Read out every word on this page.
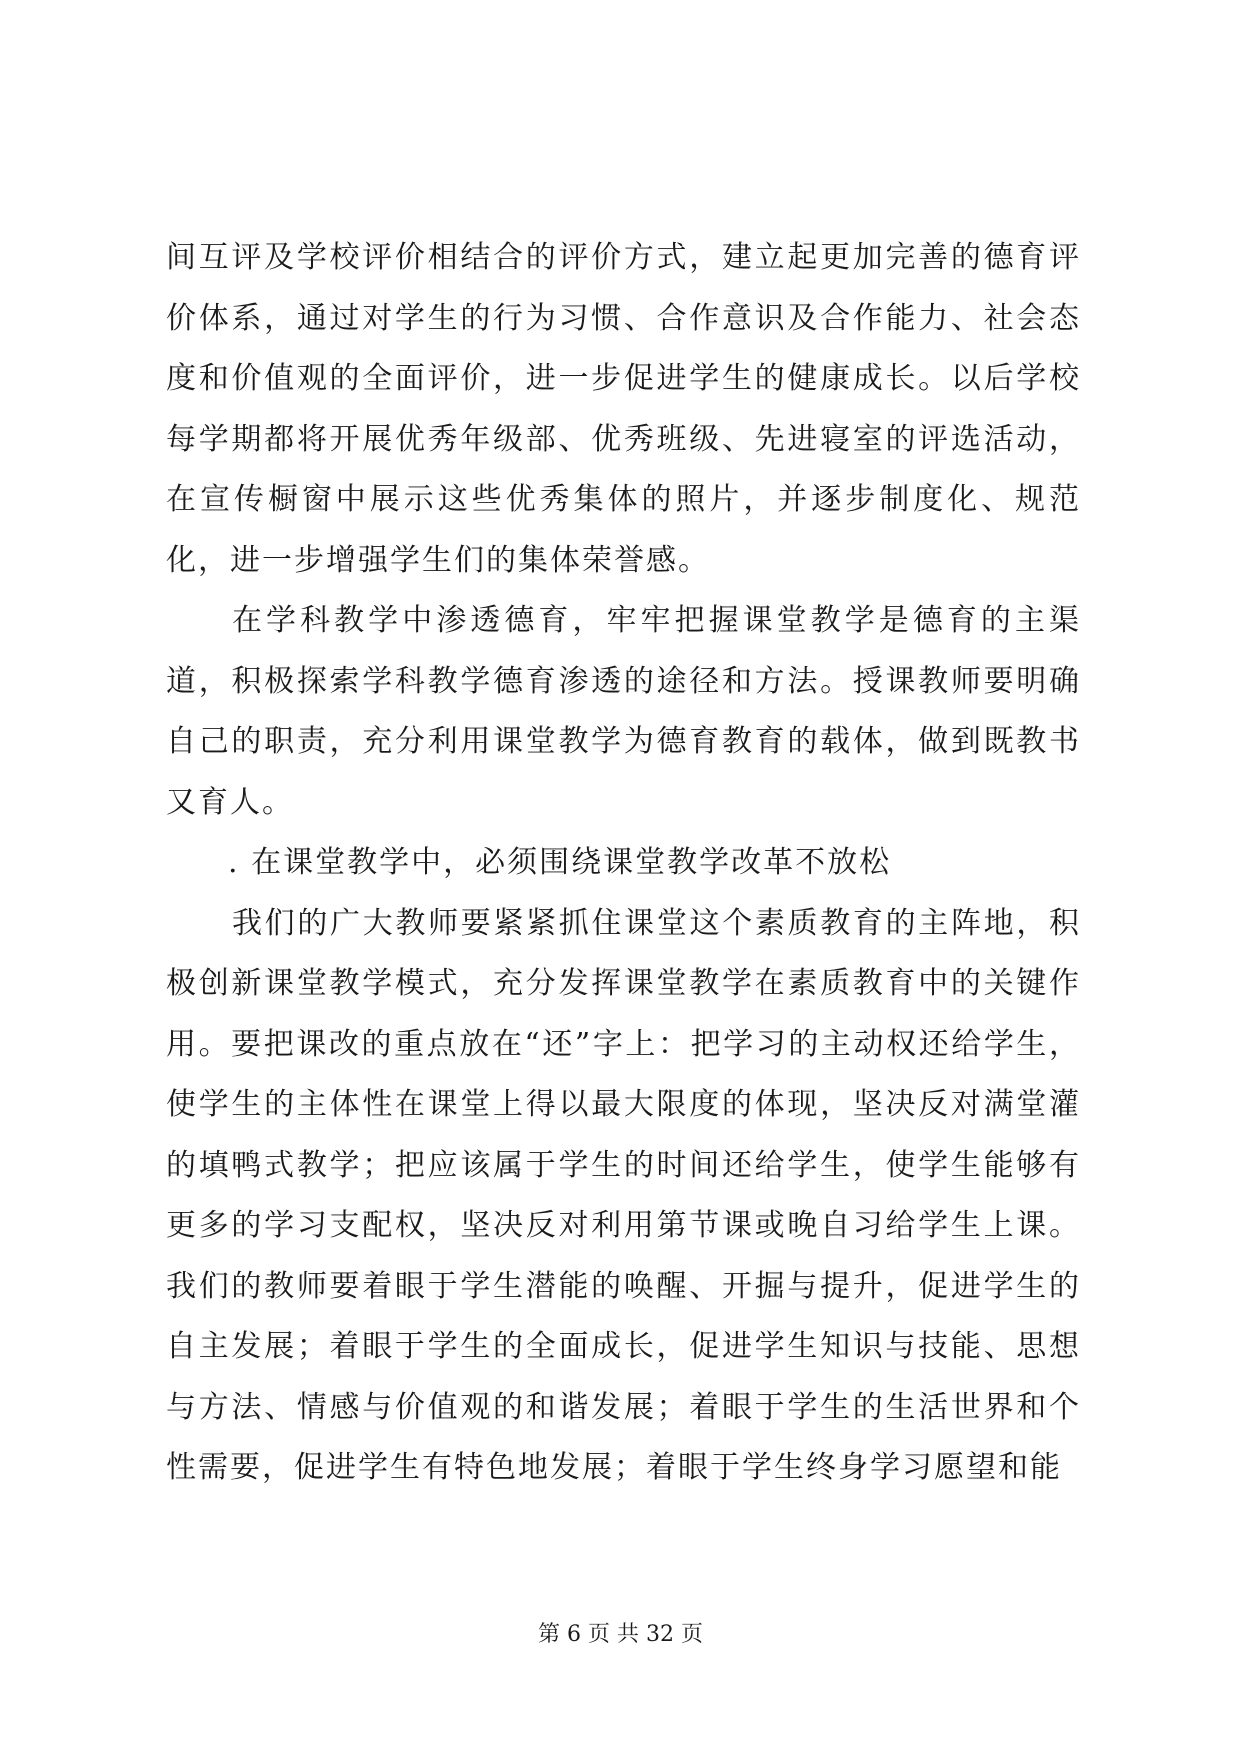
间互评及学校评价相结合的评价方式，建立起更加完善的德育评价体系，通过对学生的行为习惯、合作意识及合作能力、社会态度和价值观的全面评价，进一步促进学生的健康成长。以后学校每学期都将开展优秀年级部、优秀班级、先进寝室的评选活动，在宣传橱窗中展示这些优秀集体的照片，并逐步制度化、规范化，进一步增强学生们的集体荣誉感。

在学科教学中渗透德育，牢牢把握课堂教学是德育的主渠道，积极探索学科教学德育渗透的途径和方法。授课教师要明确自己的职责，充分利用课堂教学为德育教育的载体，做到既教书又育人。

. 在课堂教学中，必须围绕课堂教学改革不放松

我们的广大教师要紧紧抓住课堂这个素质教育的主阵地，积极创新课堂教学模式，充分发挥课堂教学在素质教育中的关键作用。要把课改的重点放在“还”字上：把学习的主动权还给学生，使学生的主体性在课堂上得以最大限度的体现，坚决反对满堂灌的填鸭式教学；把应该属于学生的时间还给学生，使学生能够有更多的学习支配权，坚决反对利用第节课或晚自习给学生上课。我们的教师要着眼于学生潜能的唤醒、开掘与提升，促进学生的自主发展；着眼于学生的全面成长，促进学生知识与技能、思想与方法、情感与价值观的和谐发展；着眼于学生的生活世界和个性需要，促进学生有特色地发展；着眼于学生终身学习愿望和能

第 6 页 共 32 页
